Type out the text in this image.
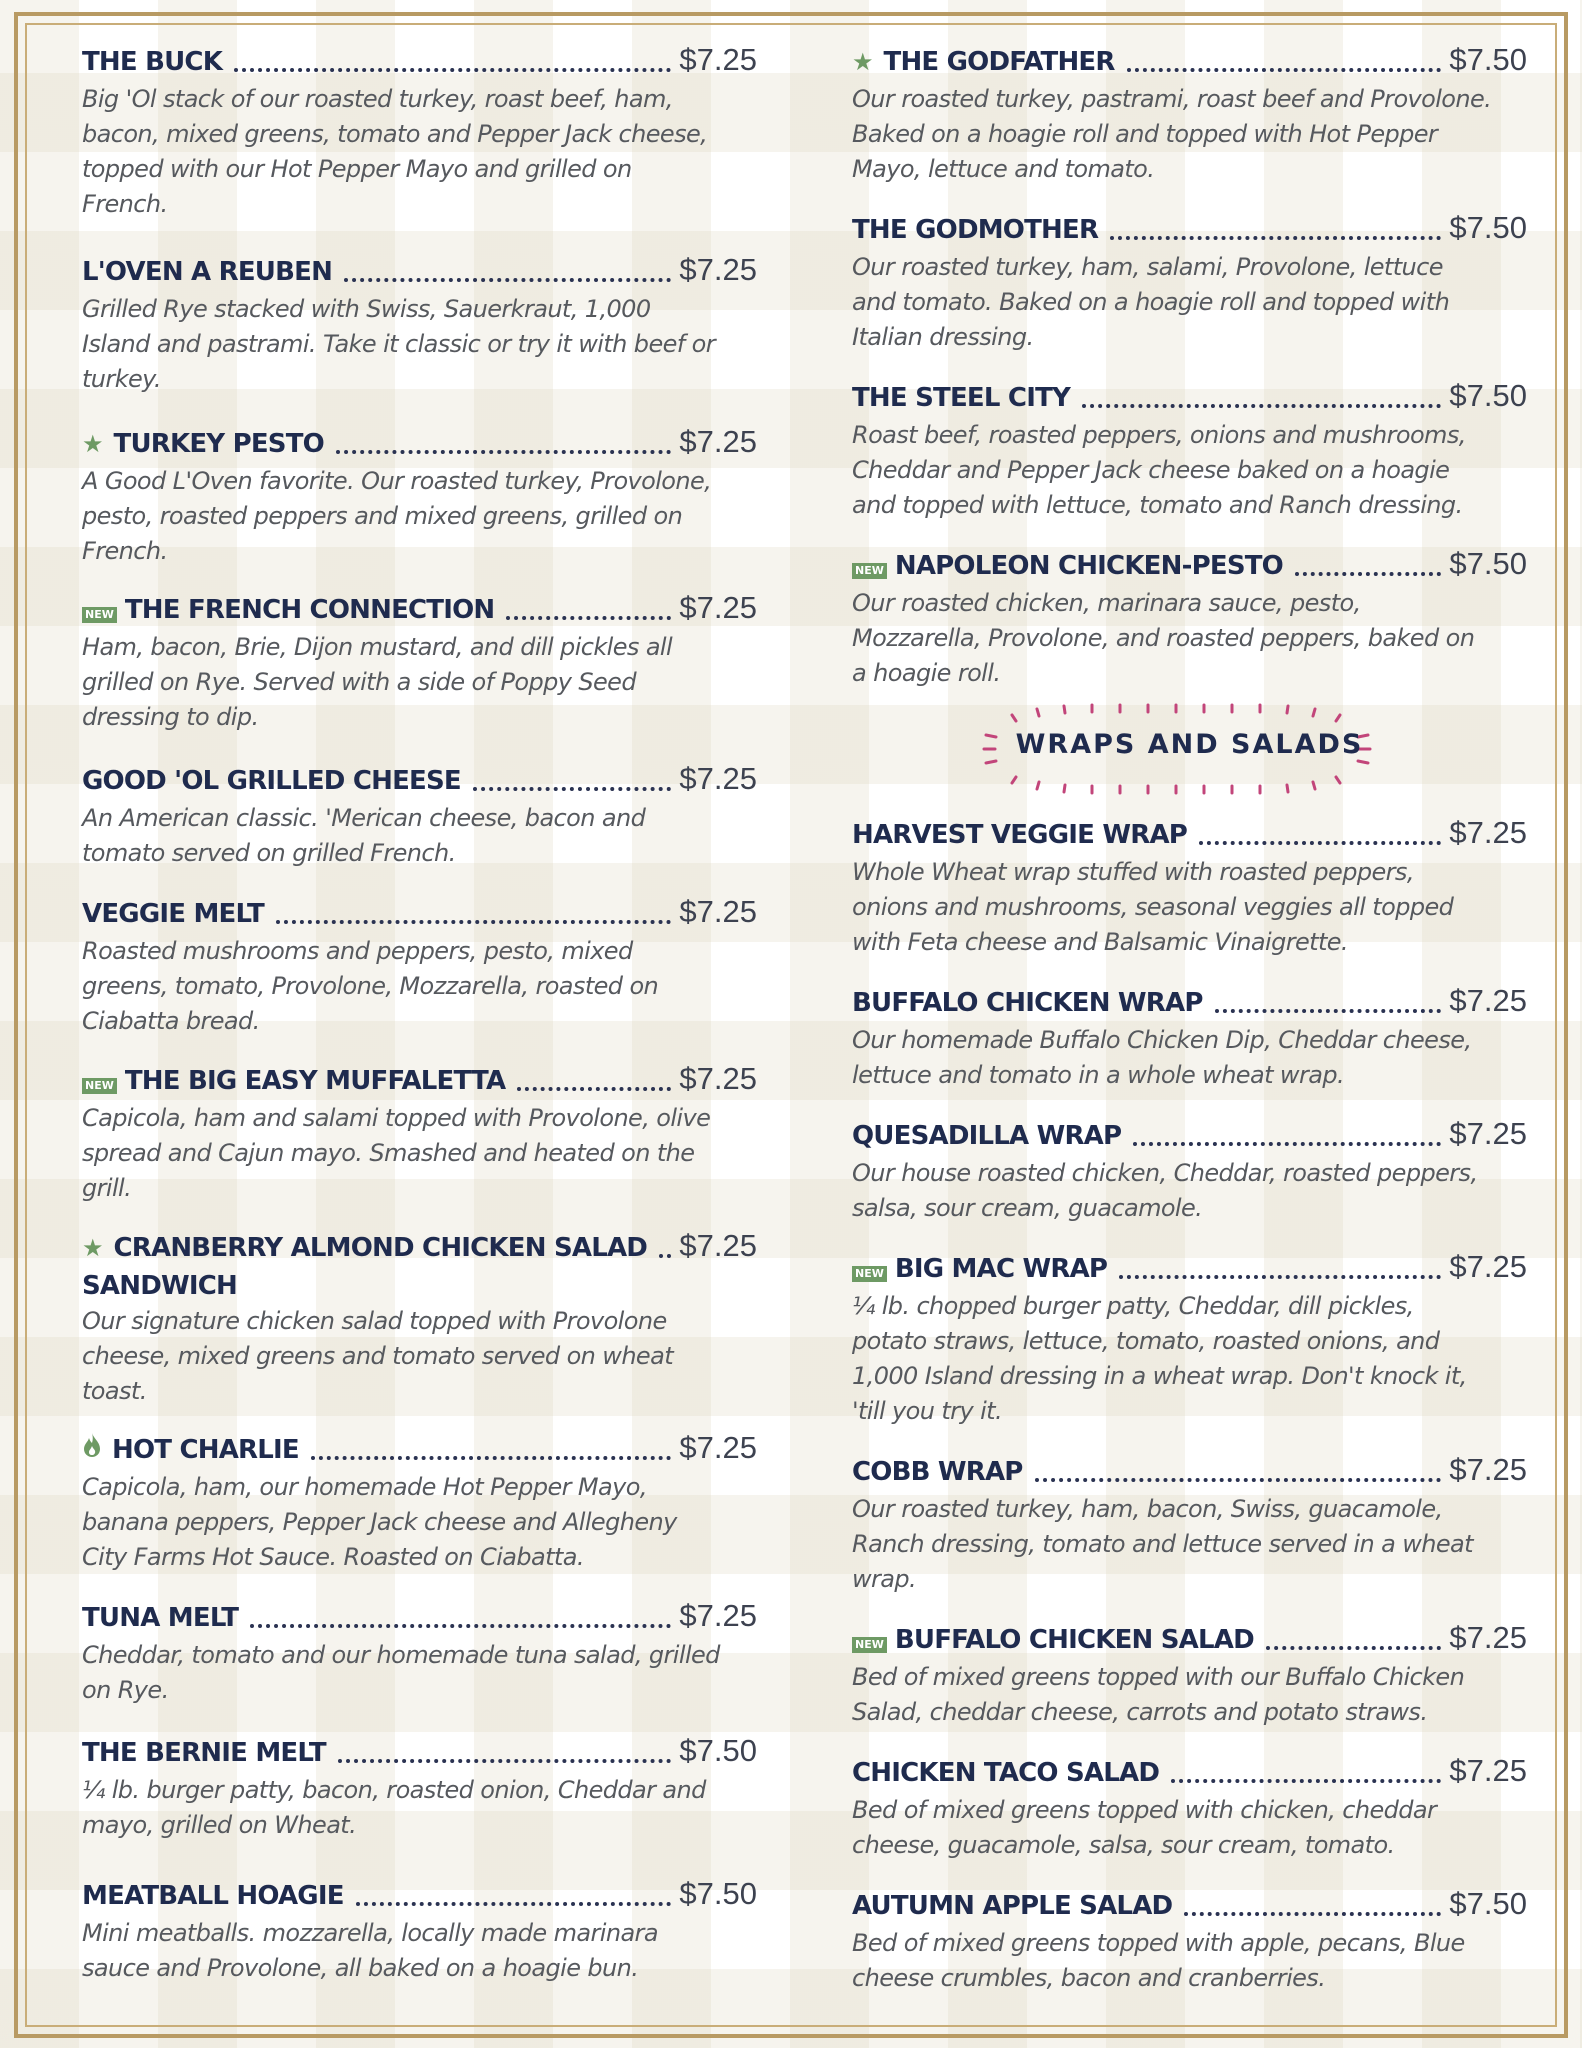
THE BUCK	$7.25
Big 'Ol stack of our roasted turkey, roast beef, ham, bacon, mixed greens, tomato and Pepper Jack cheese, topped with our Hot Pepper Mayo and grilled on French.
L'OVEN A REUBEN	$7.25
Grilled Rye stacked with Swiss, Sauerkraut, 1,000 Island and pastrami. Take it classic or try it with beef or turkey.
★ TURKEY PESTO	$7.25
A Good L'Oven favorite. Our roasted turkey, Provolone, pesto, roasted peppers and mixed greens, grilled on French.
NEW THE FRENCH CONNECTION	$7.25
Ham, bacon, Brie, Dijon mustard, and dill pickles all grilled on Rye. Served with a side of Poppy Seed dressing to dip.
GOOD 'OL GRILLED CHEESE	$7.25
An American classic. 'Merican cheese, bacon and tomato served on grilled French.
VEGGIE MELT	$7.25
Roasted mushrooms and peppers, pesto, mixed greens, tomato, Provolone, Mozzarella, roasted on Ciabatta bread.
NEW THE BIG EASY MUFFALETTA	$7.25
Capicola, ham and salami topped with Provolone, olive spread and Cajun mayo. Smashed and heated on the grill.
★ CRANBERRY ALMOND CHICKEN SALAD $7.25
SANDWICH
Our signature chicken salad topped with Provolone cheese, mixed greens and tomato served on wheat toast.
HOT CHARLIE	$7.25
Capicola, ham, our homemade Hot Pepper Mayo, banana peppers, Pepper Jack cheese and Allegheny City Farms Hot Sauce. Roasted on Ciabatta.
TUNA MELT	$7.25
Cheddar, tomato and our homemade tuna salad, grilled on Rye.
THE BERNIE MELT	$7.50
¼ lb. burger patty, bacon, roasted onion, Cheddar and mayo, grilled on Wheat.
MEATBALL HOAGIE	$7.50
Mini meatballs. mozzarella, locally made marinara sauce and Provolone, all baked on a hoagie bun.
★ THE GODFATHER	$7.50
Our roasted turkey, pastrami, roast beef and Provolone. Baked on a hoagie roll and topped with Hot Pepper Mayo, lettuce and tomato.
THE GODMOTHER	$7.50
Our roasted turkey, ham, salami, Provolone, lettuce and tomato. Baked on a hoagie roll and topped with Italian dressing.
THE STEEL CITY	$7.50
Roast beef, roasted peppers, onions and mushrooms, Cheddar and Pepper Jack cheese baked on a hoagie and topped with lettuce, tomato and Ranch dressing.
NEW NAPOLEON CHICKEN-PESTO	$7.50
Our roasted chicken, marinara sauce, pesto, Mozzarella, Provolone, and roasted peppers, baked on a hoagie roll.
WRAPS AND SALADS
HARVEST VEGGIE WRAP	$7.25
Whole Wheat wrap stuffed with roasted peppers, onions and mushrooms, seasonal veggies all topped with Feta cheese and Balsamic Vinaigrette.
BUFFALO CHICKEN WRAP	$7.25
Our homemade Buffalo Chicken Dip, Cheddar cheese, lettuce and tomato in a whole wheat wrap.
QUESADILLA WRAP	$7.25
Our house roasted chicken, Cheddar, roasted peppers, salsa, sour cream, guacamole.
NEW BIG MAC WRAP	$7.25
¼ lb. chopped burger patty, Cheddar, dill pickles, potato straws, lettuce, tomato, roasted onions, and 1,000 Island dressing in a wheat wrap. Don't knock it, 'till you try it.
COBB WRAP	$7.25
Our roasted turkey, ham, bacon, Swiss, guacamole, Ranch dressing, tomato and lettuce served in a wheat wrap.
NEW BUFFALO CHICKEN SALAD	$7.25
Bed of mixed greens topped with our Buffalo Chicken Salad, cheddar cheese, carrots and potato straws.
CHICKEN TACO SALAD	$7.25
Bed of mixed greens topped with chicken, cheddar cheese, guacamole, salsa, sour cream, tomato.
AUTUMN APPLE SALAD	$7.50
Bed of mixed greens topped with apple, pecans, Blue cheese crumbles, bacon and cranberries.
